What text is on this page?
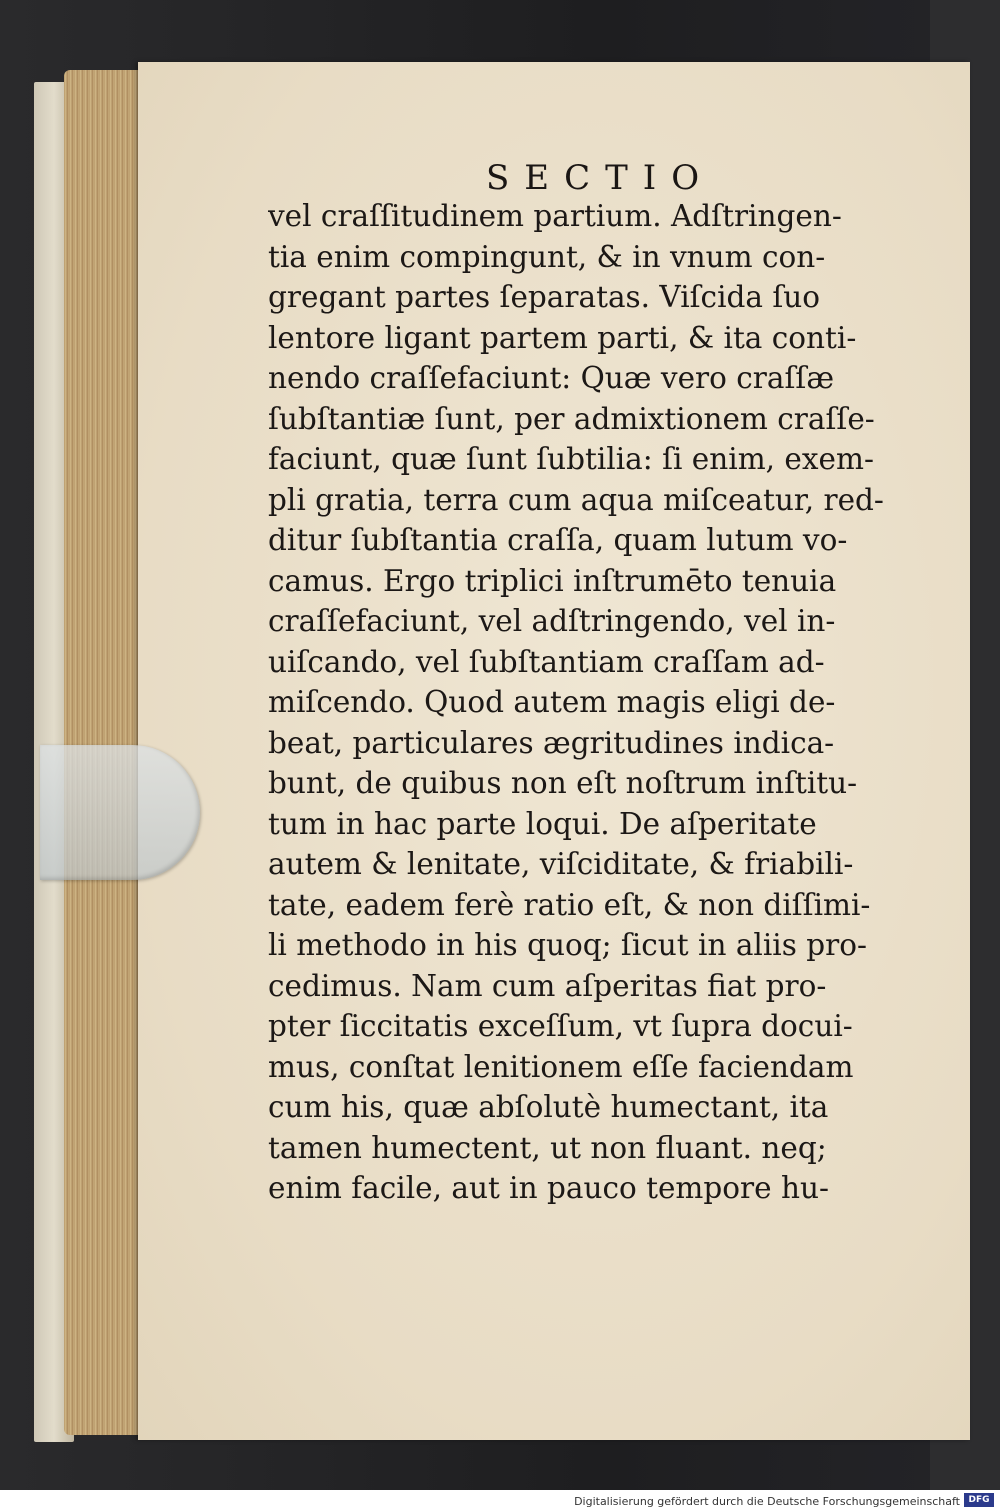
SECTIO
vel craſſitudinem partium. Adſtringen-
tia enim compingunt, & in vnum con-
gregant partes ſeparatas. Viſcida ſuo
lentore ligant partem parti, & ita conti-
nendo craſſefaciunt: Quæ vero craſſæ
ſubſtantiæ ſunt, per admixtionem craſſe-
faciunt, quæ ſunt ſubtilia: ſi enim, exem-
pli gratia, terra cum aqua miſceatur, red-
ditur ſubſtantia craſſa, quam lutum vo-
camus. Ergo triplici inſtrumēto tenuia
craſſefaciunt, vel adſtringendo, vel in-
uiſcando, vel ſubſtantiam craſſam ad-
miſcendo. Quod autem magis eligi de-
beat, particulares ægritudines indica-
bunt, de quibus non eſt noſtrum inſtitu-
tum in hac parte loqui. De aſperitate
autem & lenitate, viſciditate, & friabili-
tate, eadem ferè ratio eſt, & non diſſimi-
li methodo in his quoq; ſicut in aliis pro-
cedimus. Nam cum aſperitas fiat pro-
pter ſiccitatis exceſſum, vt ſupra docui-
mus, conſtat lenitionem eſſe faciendam
cum his, quæ abſolutè humectant, ita
tamen humectent, ut non fluant. neq;
enim facile, aut in pauco tempore hu-
Digitalisierung gefördert durch die Deutsche Forschungsgemeinschaft DFG
